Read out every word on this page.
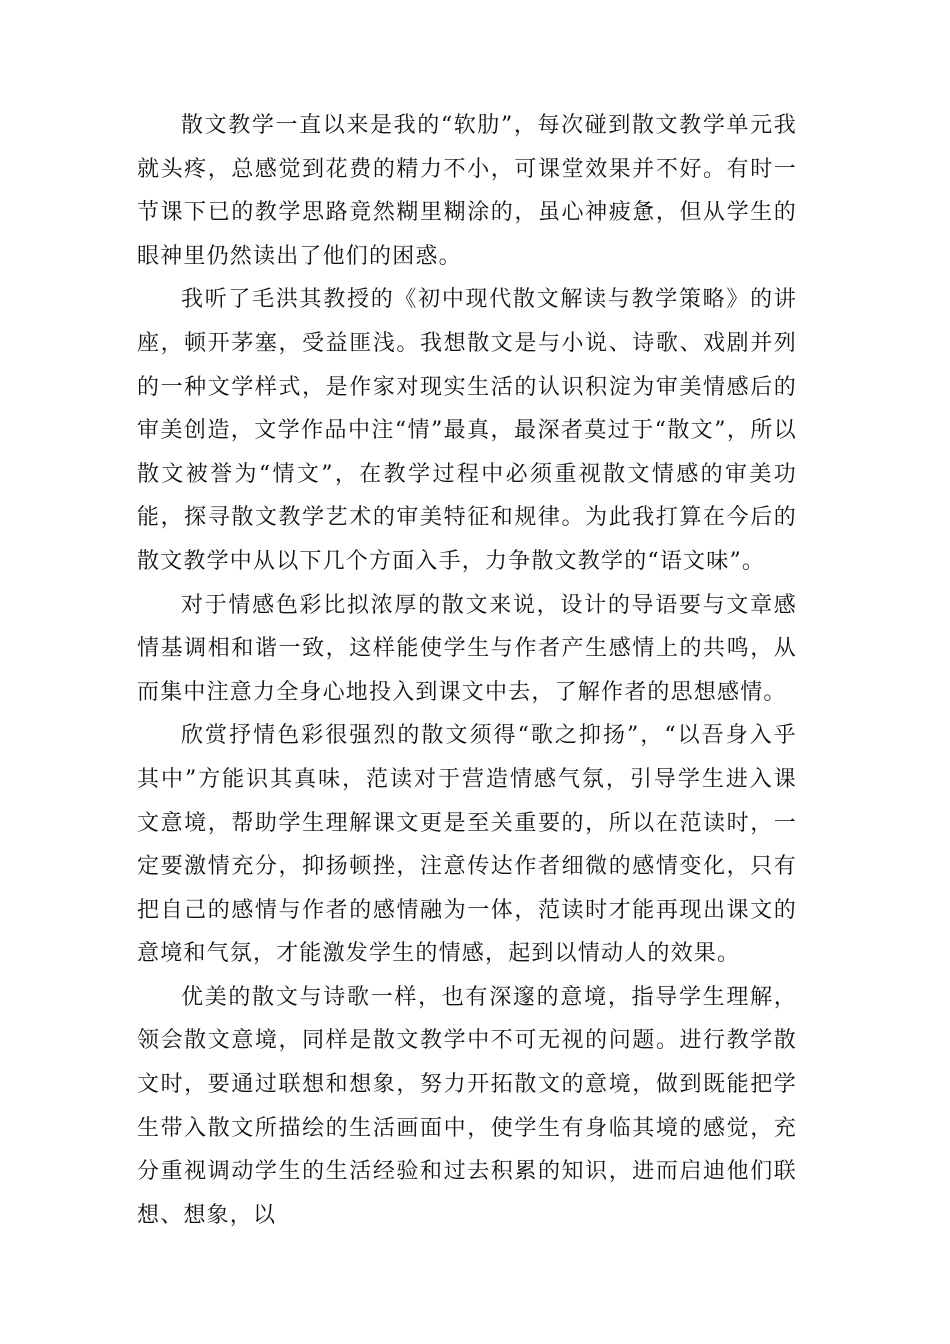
散文教学一直以来是我的“软肋”，每次碰到散文教学单元我就头疼，总感觉到花费的精力不小，可课堂效果并不好。有时一节课下已的教学思路竟然糊里糊涂的，虽心神疲惫，但从学生的眼神里仍然读出了他们的困惑。

我听了毛洪其教授的《初中现代散文解读与教学策略》的讲座，顿开茅塞，受益匪浅。我想散文是与小说、诗歌、戏剧并列的一种文学样式，是作家对现实生活的认识积淀为审美情感后的审美创造，文学作品中注“情”最真，最深者莫过于“散文”，所以散文被誉为“情文”，在教学过程中必须重视散文情感的审美功能，探寻散文教学艺术的审美特征和规律。为此我打算在今后的散文教学中从以下几个方面入手，力争散文教学的“语文味”。

对于情感色彩比拟浓厚的散文来说，设计的导语要与文章感情基调相和谐一致，这样能使学生与作者产生感情上的共鸣，从而集中注意力全身心地投入到课文中去，了解作者的思想感情。

欣赏抒情色彩很强烈的散文须得“歌之抑扬”，“以吾身入乎其中”方能识其真味，范读对于营造情感气氛，引导学生进入课文意境，帮助学生理解课文更是至关重要的，所以在范读时，一定要激情充分，抑扬顿挫，注意传达作者细微的感情变化，只有把自己的感情与作者的感情融为一体，范读时才能再现出课文的意境和气氛，才能激发学生的情感，起到以情动人的效果。

优美的散文与诗歌一样，也有深邃的意境，指导学生理解，领会散文意境，同样是散文教学中不可无视的问题。进行教学散文时，要通过联想和想象，努力开拓散文的意境，做到既能把学生带入散文所描绘的生活画面中，使学生有身临其境的感觉，充分重视调动学生的生活经验和过去积累的知识，进而启迪他们联想、想象，以
